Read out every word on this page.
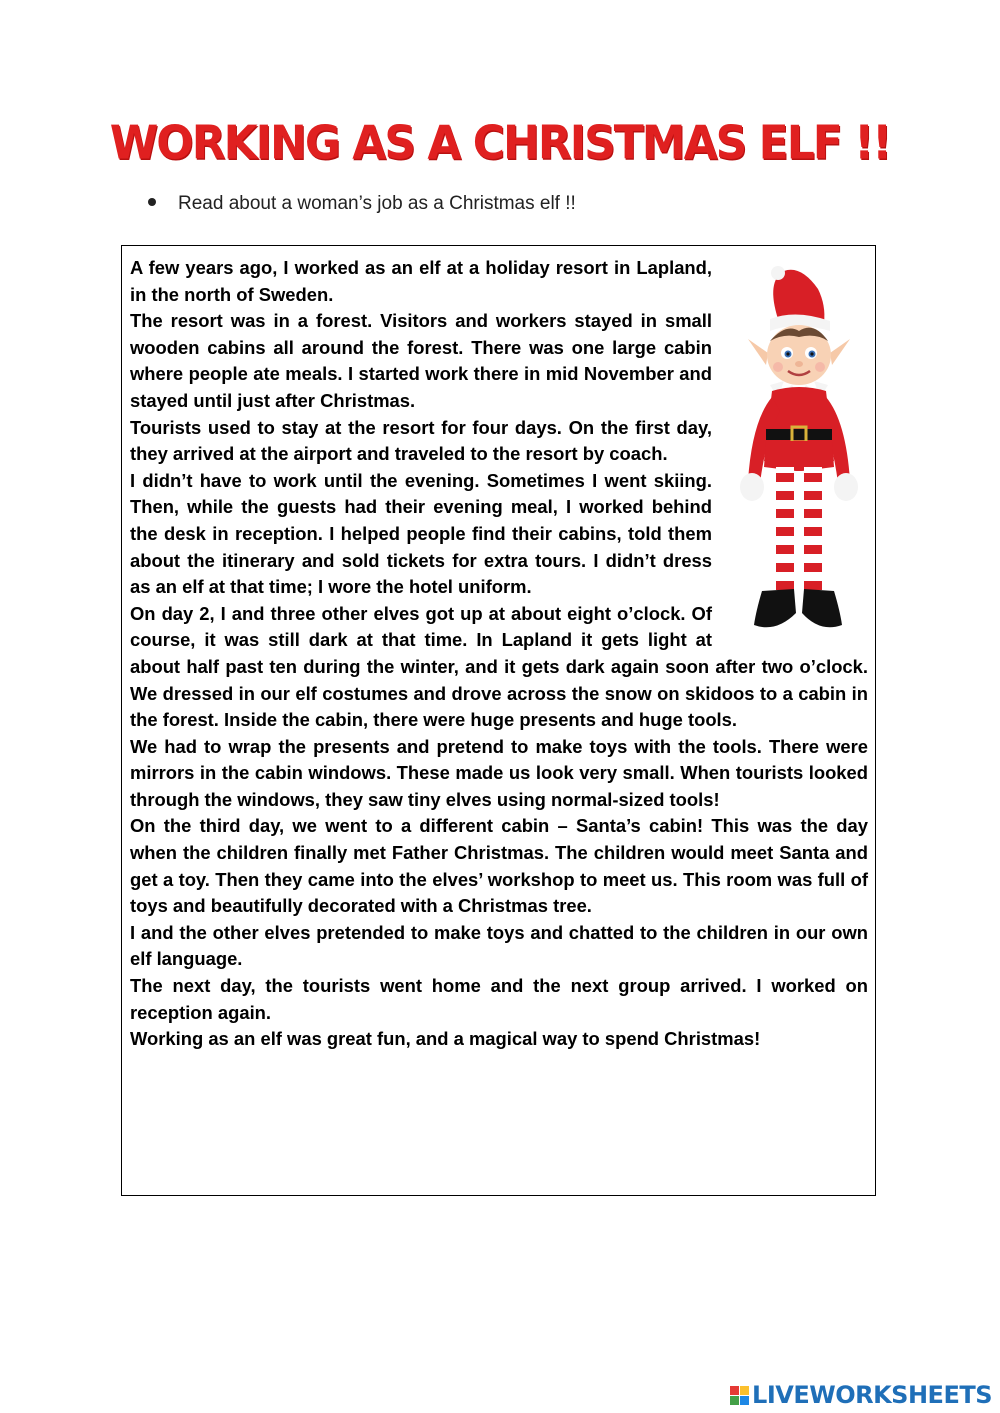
WORKING AS A CHRISTMAS ELF !!
Read about a woman’s job as a Christmas elf !!

A few years ago, I worked as an elf at a holiday resort in Lapland, in the north of Sweden.

The resort was in a forest. Visitors and workers stayed in small wooden cabins all around the forest. There was one large cabin where people ate meals. I started work there in mid November and stayed until just after Christmas.

Tourists used to stay at the resort for four days. On the first day, they arrived at the airport and traveled to the resort by coach.

I didn’t have to work until the evening. Sometimes I went skiing. Then, while the guests had their evening meal, I worked behind the desk in reception. I helped people find their cabins, told them about the itinerary and sold tickets for extra tours. I didn’t dress as an elf at that time; I wore the hotel uniform.

On day 2, I and three other elves got up at about eight o’clock. Of course, it was still dark at that time. In Lapland it gets light at about half past ten during the winter, and it gets dark again soon after two o’clock. We dressed in our elf costumes and drove across the snow on skidoos to a cabin in the forest. Inside the cabin, there were huge presents and huge tools.

We had to wrap the presents and pretend to make toys with the tools. There were mirrors in the cabin windows. These made us look very small. When tourists looked through the windows, they saw tiny elves using normal-sized tools!

On the third day, we went to a different cabin – Santa’s cabin! This was the day when the children finally met Father Christmas. The children would meet Santa and get a toy. Then they came into the elves’ workshop to meet us. This room was full of toys and beautifully decorated with a Christmas tree.

I and the other elves pretended to make toys and chatted to the children in our own elf language.

The next day, the tourists went home and the next group arrived. I worked on reception again.

Working as an elf was great fun, and a magical way to spend Christmas!

LIVEWORKSHEETS
